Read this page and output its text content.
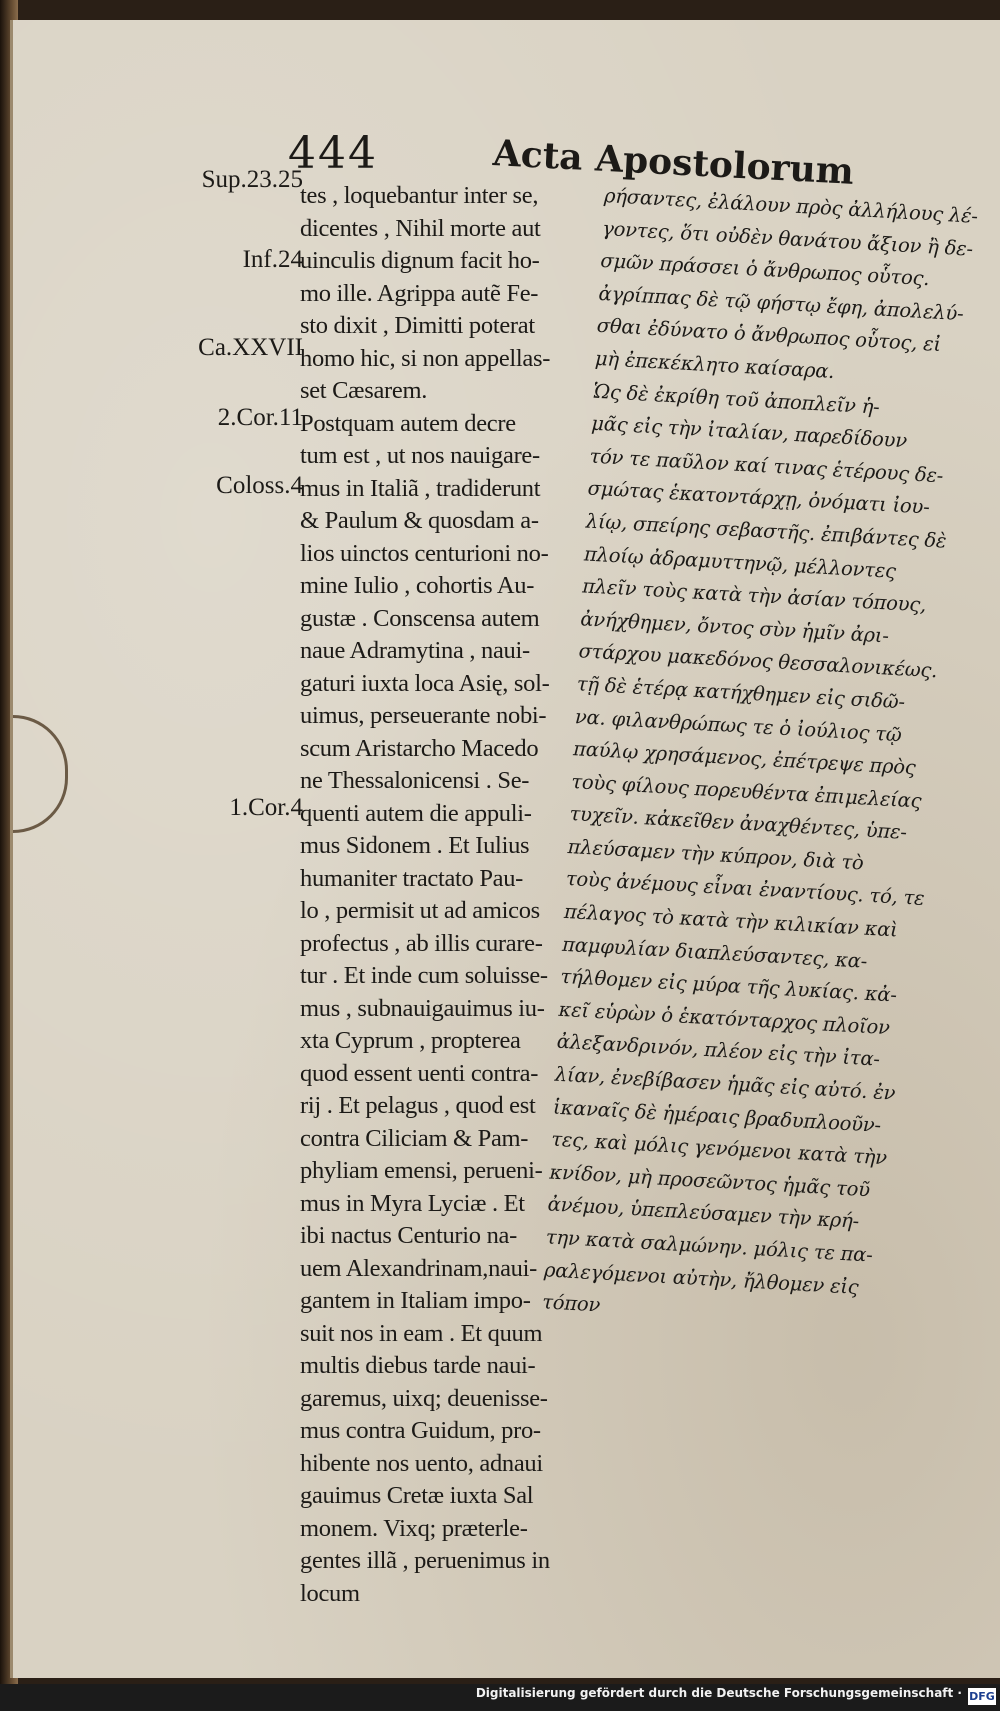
444	Acta Apostolorum
Sup.23.25
Inf.24
Ca.XXVII
2.Cor.11
Coloss.4
1.Cor.4
tes , loquebantur inter se,
dicentes , Nihil morte aut
uinculis dignum facit ho-
mo ille. Agrippa autẽ Fe-
sto dixit , Dimitti poterat
homo hic, si non appellas-
set Cæsarem.
Postquam autem decre
tum est , ut nos nauigare-
mus in Italiã , tradiderunt
& Paulum & quosdam a-
lios uinctos centurioni no-
mine Iulio , cohortis Au-
gustæ . Conscensa autem
naue Adramytina , naui-
gaturi iuxta loca Asię, sol-
uimus, perseuerante nobi-
scum Aristarcho Macedo
ne Thessalonicensi . Se-
quenti autem die appuli-
mus Sidonem . Et Iulius
humaniter tractato Pau-
lo , permisit ut ad amicos
profectus , ab illis curare-
tur . Et inde cum soluisse-
mus , subnauigauimus iu-
xta Cyprum , propterea
quod essent uenti contra-
rij . Et pelagus , quod est
contra Ciliciam & Pam-
phyliam emensi, perueni-
mus in Myra Lyciæ . Et
ibi nactus Centurio na-
uem Alexandrinam,naui-
gantem in Italiam impo-
suit nos in eam . Et quum
multis diebus tarde naui-
garemus, uixq; deuenisse-
mus contra Guidum, pro-
hibente nos uento, adnaui
gauimus Cretæ iuxta Sal
monem. Vixq; præterle-
gentes illã , peruenimus in
locum
ρήσαντες, ἐλάλουν πρὸς ἀλλήλους λέ-
γοντες, ὅτι οὐδὲν θανάτου ἄξιον ἢ δε-
σμῶν πράσσει ὁ ἄνθρωπος οὗτος.
ἀγρίππας δὲ τῷ φήστῳ ἔφη, ἀπολελύ-
σθαι ἐδύνατο ὁ ἄνθρωπος οὗτος, εἰ
μὴ ἐπεκέκλητο καίσαρα.
Ὡς δὲ ἐκρίθη τοῦ ἀποπλεῖν ἡ-
μᾶς εἰς τὴν ἰταλίαν, παρεδίδουν
τόν τε παῦλον καί τινας ἑτέρους δε-
σμώτας ἑκατοντάρχῃ, ὀνόματι ἰου-
λίῳ, σπείρης σεβαστῆς. ἐπιβάντες δὲ
πλοίῳ ἀδραμυττηνῷ, μέλλοντες
πλεῖν τοὺς κατὰ τὴν ἀσίαν τόπους,
ἀνήχθημεν, ὄντος σὺν ἡμῖν ἀρι-
στάρχου μακεδόνος θεσσαλονικέως.
τῇ δὲ ἑτέρᾳ κατήχθημεν εἰς σιδῶ-
να. φιλανθρώπως τε ὁ ἰούλιος τῷ
παύλῳ χρησάμενος, ἐπέτρεψε πρὸς
τοὺς φίλους πορευθέντα ἐπιμελείας
τυχεῖν. κἀκεῖθεν ἀναχθέντες, ὑπε-
πλεύσαμεν τὴν κύπρον, διὰ τὸ
τοὺς ἀνέμους εἶναι ἐναντίους. τό, τε
πέλαγος τὸ κατὰ τὴν κιλικίαν καὶ
παμφυλίαν διαπλεύσαντες, κα-
τήλθομεν εἰς μύρα τῆς λυκίας. κἀ-
κεῖ εὑρὼν ὁ ἑκατόνταρχος πλοῖον
ἀλεξανδρινόν, πλέον εἰς τὴν ἰτα-
λίαν, ἐνεβίβασεν ἡμᾶς εἰς αὐτό. ἐν
ἱκαναῖς δὲ ἡμέραις βραδυπλοοῦν-
τες, καὶ μόλις γενόμενοι κατὰ τὴν
κνίδον, μὴ προσεῶντος ἡμᾶς τοῦ
ἀνέμου, ὑπεπλεύσαμεν τὴν κρή-
την κατὰ σαλμώνην. μόλις τε πα-
ραλεγόμενοι αὐτὴν, ἤλθομεν εἰς
τόπον
Digitalisierung gefördert durch die Deutsche Forschungsgemeinschaft · DFG
